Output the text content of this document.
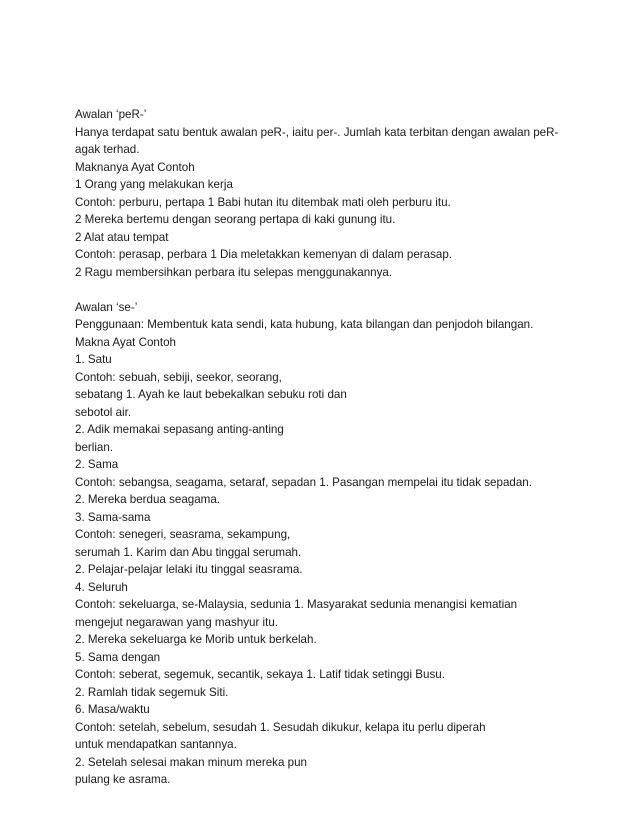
Awalan ‘peR-’
Hanya terdapat satu bentuk awalan peR-, iaitu per-. Jumlah kata terbitan dengan awalan peR-
agak terhad.
Maknanya Ayat Contoh
1 Orang yang melakukan kerja
Contoh: perburu, pertapa 1 Babi hutan itu ditembak mati oleh perburu itu.
2 Mereka bertemu dengan seorang pertapa di kaki gunung itu.
2 Alat atau tempat
Contoh: perasap, perbara 1 Dia meletakkan kemenyan di dalam perasap.
2 Ragu membersihkan perbara itu selepas menggunakannya.
Awalan ‘se-’
Penggunaan: Membentuk kata sendi, kata hubung, kata bilangan dan penjodoh bilangan.
Makna Ayat Contoh
1. Satu
Contoh: sebuah, sebiji, seekor, seorang,
sebatang 1. Ayah ke laut bebekalkan sebuku roti dan
sebotol air.
2. Adik memakai sepasang anting-anting
berlian.
2. Sama
Contoh: sebangsa, seagama, setaraf, sepadan 1. Pasangan mempelai itu tidak sepadan.
2. Mereka berdua seagama.
3. Sama-sama
Contoh: senegeri, seasrama, sekampung,
serumah 1. Karim dan Abu tinggal serumah.
2. Pelajar-pelajar lelaki itu tinggal seasrama.
4. Seluruh
Contoh: sekeluarga, se-Malaysia, sedunia 1. Masyarakat sedunia menangisi kematian
mengejut negarawan yang mashyur itu.
2. Mereka sekeluarga ke Morib untuk berkelah.
5. Sama dengan
Contoh: seberat, segemuk, secantik, sekaya 1. Latif tidak setinggi Busu.
2. Ramlah tidak segemuk Siti.
6. Masa/waktu
Contoh: setelah, sebelum, sesudah 1. Sesudah dikukur, kelapa itu perlu diperah
untuk mendapatkan santannya.
2. Setelah selesai makan minum mereka pun
pulang ke asrama.
